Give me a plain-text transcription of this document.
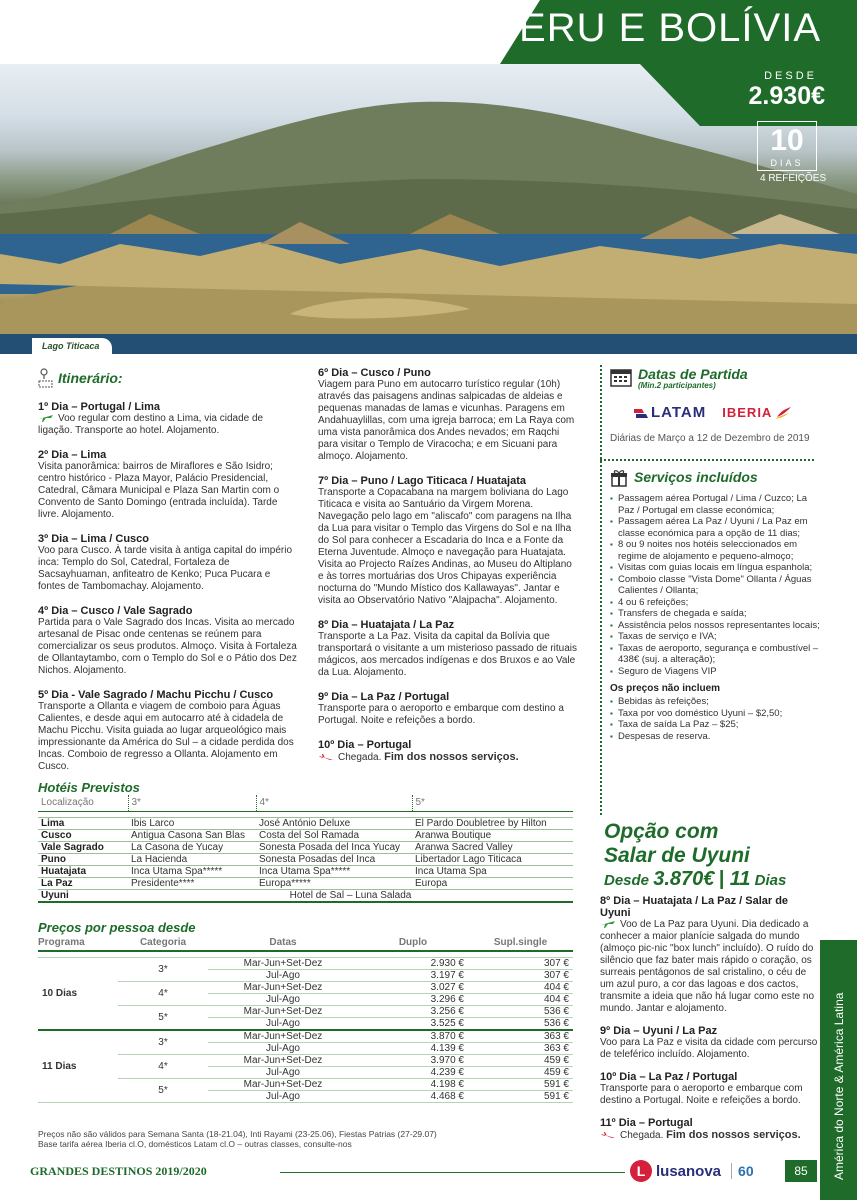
Lago Titicaca
PERU E BOLÍVIA
DESDE
2.930€
10
DIAS
4 REFEIÇÕES
Itinerário:
1º Dia – Portugal / Lima
Voo regular com destino a Lima, via cidade de ligação. Transporte ao hotel. Alojamento.
2º Dia – Lima
Visita panorâmica: bairros de Miraflores e São Isidro; centro histórico - Plaza Mayor, Palácio Presidencial, Catedral, Câmara Municipal e Plaza San Martin com o Convento de Santo Domingo (entrada incluída). Tarde livre. Alojamento.
3º Dia – Lima / Cusco
Voo para Cusco. À tarde visita à antiga capital do império inca: Templo do Sol, Catedral, Fortaleza de Sacsayhuaman, anfiteatro de Kenko; Puca Pucara e fontes de Tambomachay. Alojamento.
4º Dia – Cusco / Vale Sagrado
Partida para o Vale Sagrado dos Incas. Visita ao mercado artesanal de Pisac onde centenas se reúnem para comercializar os seus produtos. Almoço. Visita à Fortaleza de Ollantaytambo, com o Templo do Sol e o Pátio dos Dez Nichos. Alojamento.
5º Dia - Vale Sagrado / Machu Picchu / Cusco
Transporte a Ollanta e viagem de comboio para Águas Calientes, e desde aqui em autocarro até à cidadela de Machu Picchu. Visita guiada ao lugar arqueológico mais impressionante da América do Sul – a cidade perdida dos Incas. Comboio de regresso a Ollanta. Alojamento em Cusco.
6º Dia – Cusco / Puno
Viagem para Puno em autocarro turístico regular (10h) através das paisagens andinas salpicadas de aldeias e pequenas manadas de lamas e vicunhas. Paragens em Andahuaylillas, com uma igreja barroca; em La Raya com uma vista panorâmica dos Andes nevados; em Raqchi para visitar o Templo de Viracocha; e em Sicuani para almoço. Alojamento.
7º Dia – Puno / Lago Titicaca / Huatajata
Transporte a Copacabana na margem boliviana do Lago Titicaca e visita ao Santuário da Virgem Morena. Navegação pelo lago em "aliscafo" com paragens na Ilha da Lua para visitar o Templo das Virgens do Sol e na Ilha do Sol para conhecer a Escadaria do Inca e a Fonte da Eterna Juventude. Almoço e navegação para Huatajata. Visita ao Projecto Raízes Andinas, ao Museu do Altiplano e às torres mortuárias dos Uros Chipayas experiência nocturna do "Mundo Místico dos Kallawayas". Jantar e visita ao Observatório Nativo "Alajpacha". Alojamento.
8º Dia – Huatajata / La Paz
Transporte a La Paz. Visita da capital da Bolívia que transportará o visitante a um misterioso passado de rituais mágicos, aos mercados indígenas e dos Bruxos e ao Vale da Lua. Alojamento.
9º Dia – La Paz / Portugal
Transporte para o aeroporto e embarque com destino a Portugal. Noite e refeições a bordo.
10º Dia – Portugal
Chegada. Fim dos nossos serviços.
Datas de Partida
(Min.2 participantes)
LATAM IBERIA
Diárias de Março a 12 de Dezembro de 2019
Serviços incluídos
▪ Passagem aérea Portugal / Lima / Cuzco; La Paz / Portugal em classe económica;
▪ Passagem aérea La Paz / Uyuni / La Paz em classe económica para a opção de 11 dias;
▪ 8 ou 9 noites nos hotéis seleccionados em regime de alojamento e pequeno-almoço;
▪ Visitas com guias locais em língua espanhola;
▪ Comboio classe "Vista Dome" Ollanta / Águas Calientes / Ollanta;
▪ 4 ou 6 refeições;
▪ Transfers de chegada e saída;
▪ Assistência pelos nossos representantes locais;
▪ Taxas de serviço e IVA;
▪ Taxas de aeroporto, segurança e combustível – 438€ (suj. a alteração);
▪ Seguro de Viagens VIP
Os preços não incluem
▪ Bebidas às refeições;
▪ Taxa por voo doméstico Uyuni – $2,50;
▪ Taxa de saída La Paz – $25;
▪ Despesas de reserva.
Opção com
Salar de Uyuni
Desde 3.870€ | 11 Dias
8º Dia – Huatajata / La Paz / Salar de Uyuni
Voo de La Paz para Uyuni. Dia dedicado a conhecer a maior planície salgada do mundo (almoço pic-nic "box lunch" incluído). O ruído do silêncio que faz bater mais rápido o coração, os surreais pentágonos de sal cristalino, o céu de um azul puro, a cor das lagoas e dos cactos, transmite a ideia que não há lugar como este no mundo. Jantar e alojamento.
9º Dia – Uyuni / La Paz
Voo para La Paz e visita da cidade com percurso de teleférico incluído. Alojamento.
10º Dia – La Paz / Portugal
Transporte para o aeroporto e embarque com destino a Portugal. Noite e refeições a bordo.
11º Dia – Portugal
Chegada. Fim dos nossos serviços.
Hotéis Previstos
Localização	3*	4*	5*

Lima	Ibis Larco	José António Deluxe	El Pardo Doubletree by Hilton
Cusco	Antigua Casona San Blas	Costa del Sol Ramada	Aranwa Boutique
Vale Sagrado	La Casona de Yucay	Sonesta Posada del Inca Yucay	Aranwa Sacred Valley
Puno	La Hacienda	Sonesta Posadas del Inca	Libertador Lago Titicaca
Huatajata	Inca Utama Spa*****	Inca Utama Spa*****	Inca Utama Spa
La Paz	Presidente****	Europa*****	Europa
Uyuni	Hotel de Sal – Luna Salada		
Preços por pessoa desde
Programa	Categoria	Datas	Duplo	Supl.single

10 Dias	3*	Mar-Jun+Set-Dez	2.930 €	307 €
		Jul-Ago	3.197 €	307 €
	4*	Mar-Jun+Set-Dez	3.027 €	404 €
		Jul-Ago	3.296 €	404 €
	5*	Mar-Jun+Set-Dez	3.256 €	536 €
		Jul-Ago	3.525 €	536 €
11 Dias	3*	Mar-Jun+Set-Dez	3.870 €	363 €
		Jul-Ago	4.139 €	363 €
	4*	Mar-Jun+Set-Dez	3.970 €	459 €
		Jul-Ago	4.239 €	459 €
	5*	Mar-Jun+Set-Dez	4.198 €	591 €
		Jul-Ago	4.468 €	591 €
Preços não são válidos para Semana Santa (18-21.04), Inti Rayami (23-25.06), Fiestas Patrias (27-29.07)
Base tarifa aérea Iberia cl.O, domésticos Latam cl.O – outras classes, consulte-nos	América do Norte & América Latina
GRANDES DESTINOS 2019/2020	L lusanova	60	85
